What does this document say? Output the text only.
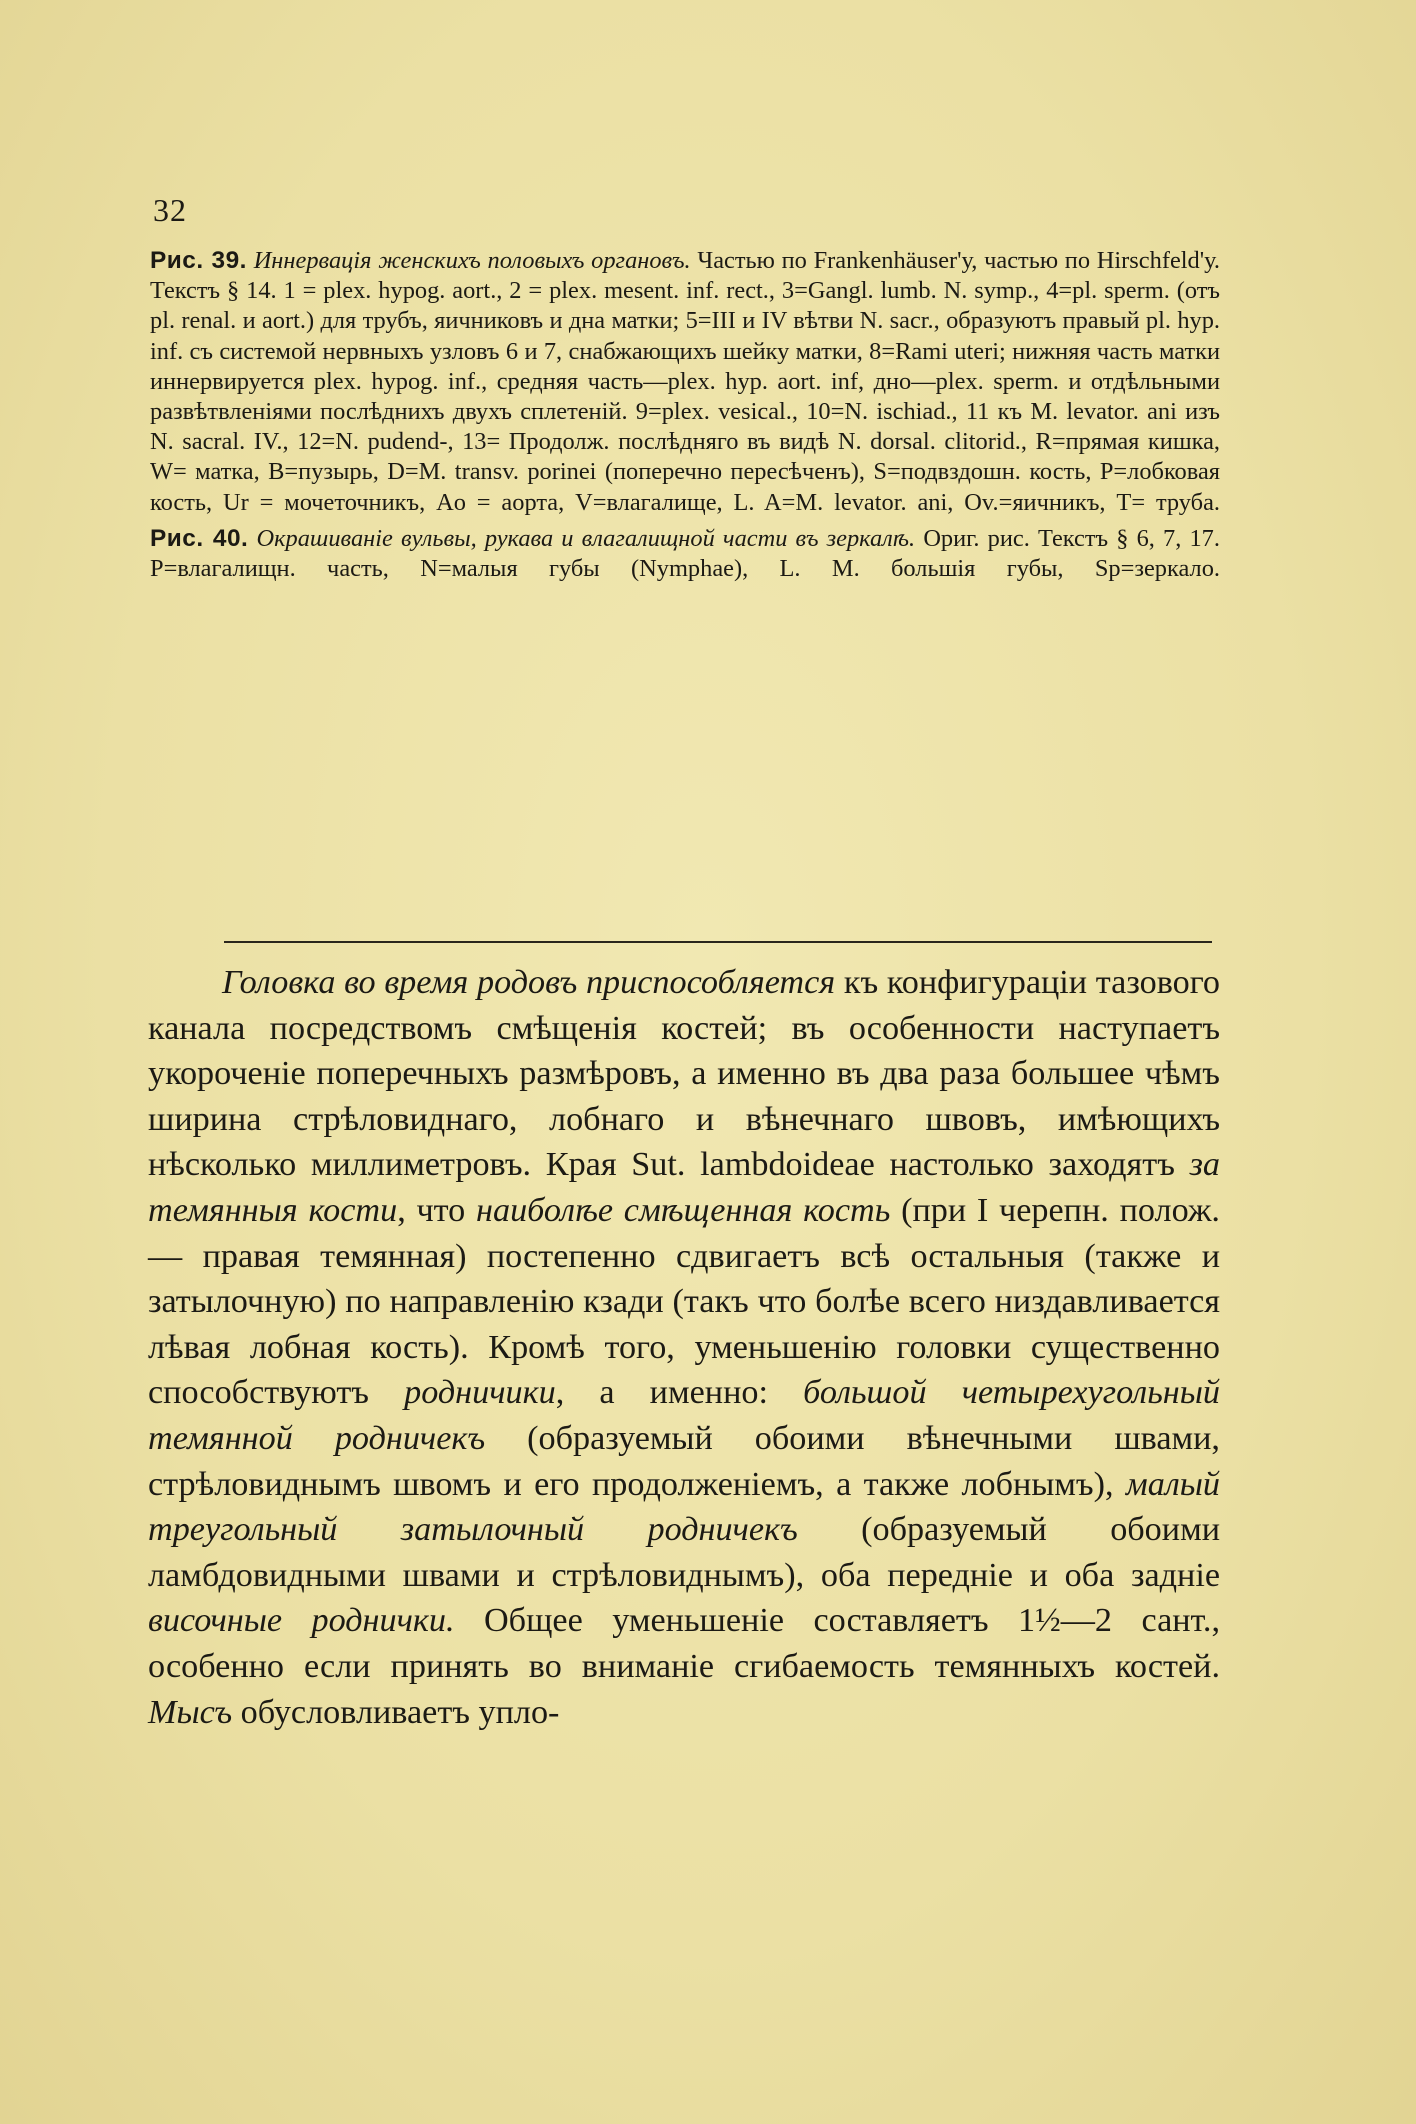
32

Рис. 39. Иннервація женскихъ половыхъ органовъ. Частью по Frankenhäuser'у, частью по Hirschfeld'у. Текстъ § 14. 1 = plex. hypog. aort., 2 = plex. mesent. inf. rect., 3=Gangl. lumb. N. symp., 4=pl. sperm. (отъ pl. renal. и aort.) для трубъ, яичниковъ и дна матки; 5=III и IV вѣтви N. sacr., образуютъ правый pl. hyp. inf. съ системой нервныхъ узловъ 6 и 7, снабжающихъ шейку матки, 8=Rami uteri; нижняя часть матки иннервируется plex. hypog. inf., средняя часть—plex. hyp. aort. inf, дно—plex. sperm. и отдѣльными развѣтвленіями послѣднихъ двухъ сплетеній. 9=plex. vesical., 10=N. ischiad., 11 къ M. levator. ani изъ N. sacral. IV., 12=N. pudend-, 13= Продолж. послѣдняго въ видѣ N. dorsal. clitorid., R=прямая кишка, W= матка, B=пузырь, D=M. transv. porinei (поперечно пересѣченъ), S=подвздошн. кость, P=лобковая кость, Ur = мочеточникъ, Ao = аорта, V=влагалище, L. A=M. levator. ani, Ov.=яичникъ, T= труба.

Рис. 40. Окрашиваніе вульвы, рукава и влагалищной части въ зеркалѣ. Ориг. рис. Текстъ § 6, 7, 17. P=влагалищн. часть, N=малыя губы (Nymphae), L. M. большія губы, Sp=зеркало.

Головка во время родовъ приспособляется къ конфигураціи тазового канала посредствомъ смѣщенія костей; въ особенности наступаетъ укороченіе поперечныхъ размѣровъ, а именно въ два раза большее чѣмъ ширина стрѣловиднаго, лобнаго и вѣнечнаго швовъ, имѣющихъ нѣсколько миллиметровъ. Края Sut. lambdoideae настолько заходятъ за темянныя кости, что наиболѣе смѣщенная кость (при I черепн. полож. — правая темянная) постепенно сдвигаетъ всѣ остальныя (также и затылочную) по направленію кзади (такъ что болѣе всего низдавливается лѣвая лобная кость). Кромѣ того, уменьшенію головки существенно способствуютъ родничики, а именно: большой четырехугольный темянной родничекъ (образуемый обоими вѣнечными швами, стрѣловиднымъ швомъ и его продолженіемъ, а также лобнымъ), малый треугольный затылочный родничекъ (образуемый обоими ламбдовидными швами и стрѣловиднымъ), оба переднie и оба задніе височные роднички. Общее уменьшеніе составляетъ 1½—2 сант., особенно если принять во вниманіе сгибаемость темянныхъ костей. Мысъ обусловливаетъ упло-
